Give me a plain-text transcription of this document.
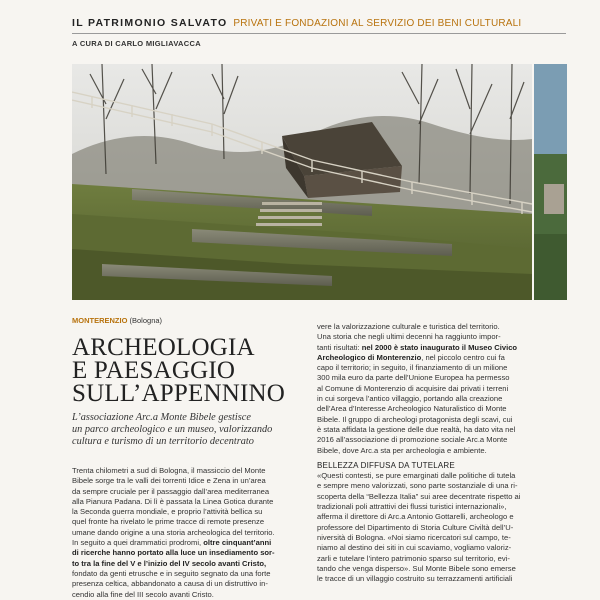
IL PATRIMONIO SALVATO PRIVATI E FONDAZIONI AL SERVIZIO DEI BENI CULTURALI
A CURA DI CARLO MIGLIAVACCA
MONTERENZIO (Bologna)
ARCHEOLOGIA
E PAESAGGIO
SULL’APPENNINO
L’associazione Arc.a Monte Bibele gestisce
un parco archeologico e un museo, valorizzando
cultura e turismo di un territorio decentrato
Trenta chilometri a sud di Bologna, il massiccio del Monte
Bibele sorge tra le valli dei torrenti Idice e Zena in un’area
da sempre cruciale per il passaggio dall’area mediterranea
alla Pianura Padana. Di lì è passata la Linea Gotica durante
la Seconda guerra mondiale, e proprio l’attività bellica su
quel fronte ha rivelato le prime tracce di remote presenze
umane dando origine a una storia archeologica del territorio.
In seguito a quei drammatici prodromi, oltre cinquant’anni
di ricerche hanno portato alla luce un insediamento sor-
to tra la fine del V e l’inizio del IV secolo avanti Cristo,
fondato da genti etrusche e in seguito segnato da una forte
presenza celtica, abbandonato a causa di un distruttivo in-
cendio alla fine del III secolo avanti Cristo.
vere la valorizzazione culturale e turistica del territorio.
Una storia che negli ultimi decenni ha raggiunto impor-
tanti risultati: nel 2000 è stato inaugurato il Museo Civico
Archeologico di Monterenzio, nel piccolo centro cui fa
capo il territorio; in seguito, il finanziamento di un milione
300 mila euro da parte dell’Unione Europea ha permesso
al Comune di Monterenzio di acquisire dai privati i terreni
in cui sorgeva l’antico villaggio, portando alla creazione
dell’Area d’Interesse Archeologico Naturalistico di Monte
Bibele. Il gruppo di archeologi protagonista degli scavi, cui
è stata affidata la gestione delle due realtà, ha dato vita nel
2016 all’associazione di promozione sociale Arc.a Monte
Bibele, dove Arc.a sta per archeologia e ambiente.
BELLEZZA DIFFUSA DA TUTELARE
«Questi contesti, se pure emarginati dalle politiche di tutela
e sempre meno valorizzati, sono parte sostanziale di una ri-
scoperta della “Bellezza Italia” sui aree decentrate rispetto ai
tradizionali poli attrattivi dei flussi turistici internazionali»,
afferma il direttore di Arc.a Antonio Gottarelli, archeologo e
professore del Dipartimento di Storia Culture Civiltà dell’U-
niversità di Bologna. «Noi siamo ricercatori sul campo, te-
niamo al destino dei siti in cui scaviamo, vogliamo valoriz-
zarli e tutelare l’intero patrimonio sparso sul territorio, evi-
tando che venga disperso». Sul Monte Bibele sono emerse
le tracce di un villaggio costruito su terrazzamenti artificiali
